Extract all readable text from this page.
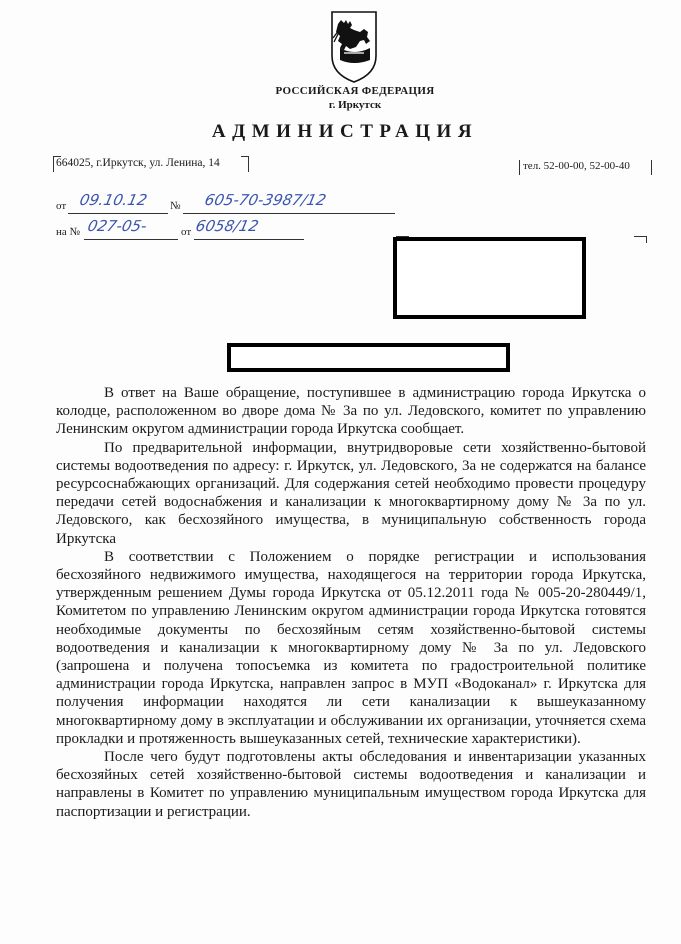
РОССИЙСКАЯ ФЕДЕРАЦИЯ
г. Иркутск
АДМИНИСТРАЦИЯ
664025, г.Иркутск, ул. Ленина, 14	тел. 52-00-00, 52-00-40
от 09.10.12 № 605-70-3987/12
на № 027-05-	от 6058/12

В ответ на Ваше обращение, поступившее в администрацию города Иркутска о колодце, расположенном во дворе дома № 3а по ул. Ледовского, комитет по управлению Ленинским округом администрации города Иркутска сообщает.

По предварительной информации, внутридворовые сети хозяйственно-бытовой системы водоотведения по адресу: г. Иркутск, ул. Ледовского, 3а не содержатся на балансе ресурсоснабжающих организаций. Для содержания сетей необходимо провести процедуру передачи сетей водоснабжения и канализации к многоквартирному дому № 3а по ул. Ледовского, как бесхозяйного имущества, в муниципальную собственность города Иркутска

В соответствии с Положением о порядке регистрации и использования бесхозяйного недвижимого имущества, находящегося на территории города Иркутска, утвержденным решением Думы города Иркутска от 05.12.2011 года № 005-20-280449/1, Комитетом по управлению Ленинским округом администрации города Иркутска готовятся необходимые документы по бесхозяйным сетям хозяйственно-бытовой системы водоотведения и канализации к многоквартирному дому № 3а по ул. Ледовского (запрошена и получена топосъемка из комитета по градостроительной политике администрации города Иркутска, направлен запрос в МУП «Водоканал» г. Иркутска для получения информации находятся ли сети канализации к вышеуказанному многоквартирному дому в эксплуатации и обслуживании их организации, уточняется схема прокладки и протяженность вышеуказанных сетей, технические характеристики).

После чего будут подготовлены акты обследования и инвентаризации указанных бесхозяйных сетей хозяйственно-бытовой системы водоотведения и канализации и направлены в Комитет по управлению муниципальным имуществом города Иркутска для паспортизации и регистрации.
